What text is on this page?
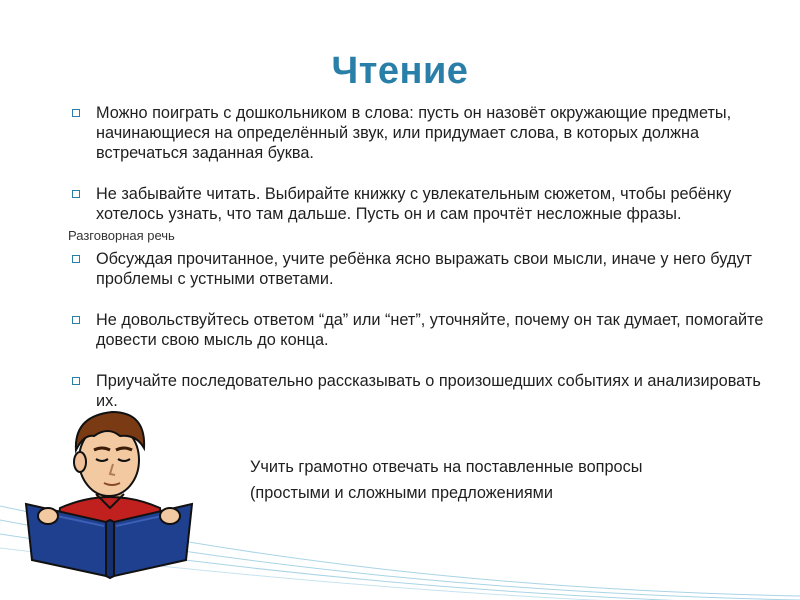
Чтение
Можно поиграть с дошкольником в слова: пусть он назовёт окружающие предметы, начинающиеся на определённый звук, или придумает слова, в которых должна встречаться заданная буква.
Не забывайте читать. Выбирайте книжку с увлекательным сюжетом, чтобы ребёнку хотелось узнать, что там дальше. Пусть он и сам прочтёт несложные фразы.
Разговорная речь
Обсуждая прочитанное, учите ребёнка ясно выражать свои мысли, иначе у него будут проблемы с устными ответами.
Не довольствуйтесь ответом “да” или “нет”, уточняйте, почему он так думает, помогайте довести свою мысль до конца.
Приучайте последовательно рассказывать о произошедших событиях и анализировать их.
Учить грамотно отвечать на поставленные вопросы
(простыми и сложными предложениями
